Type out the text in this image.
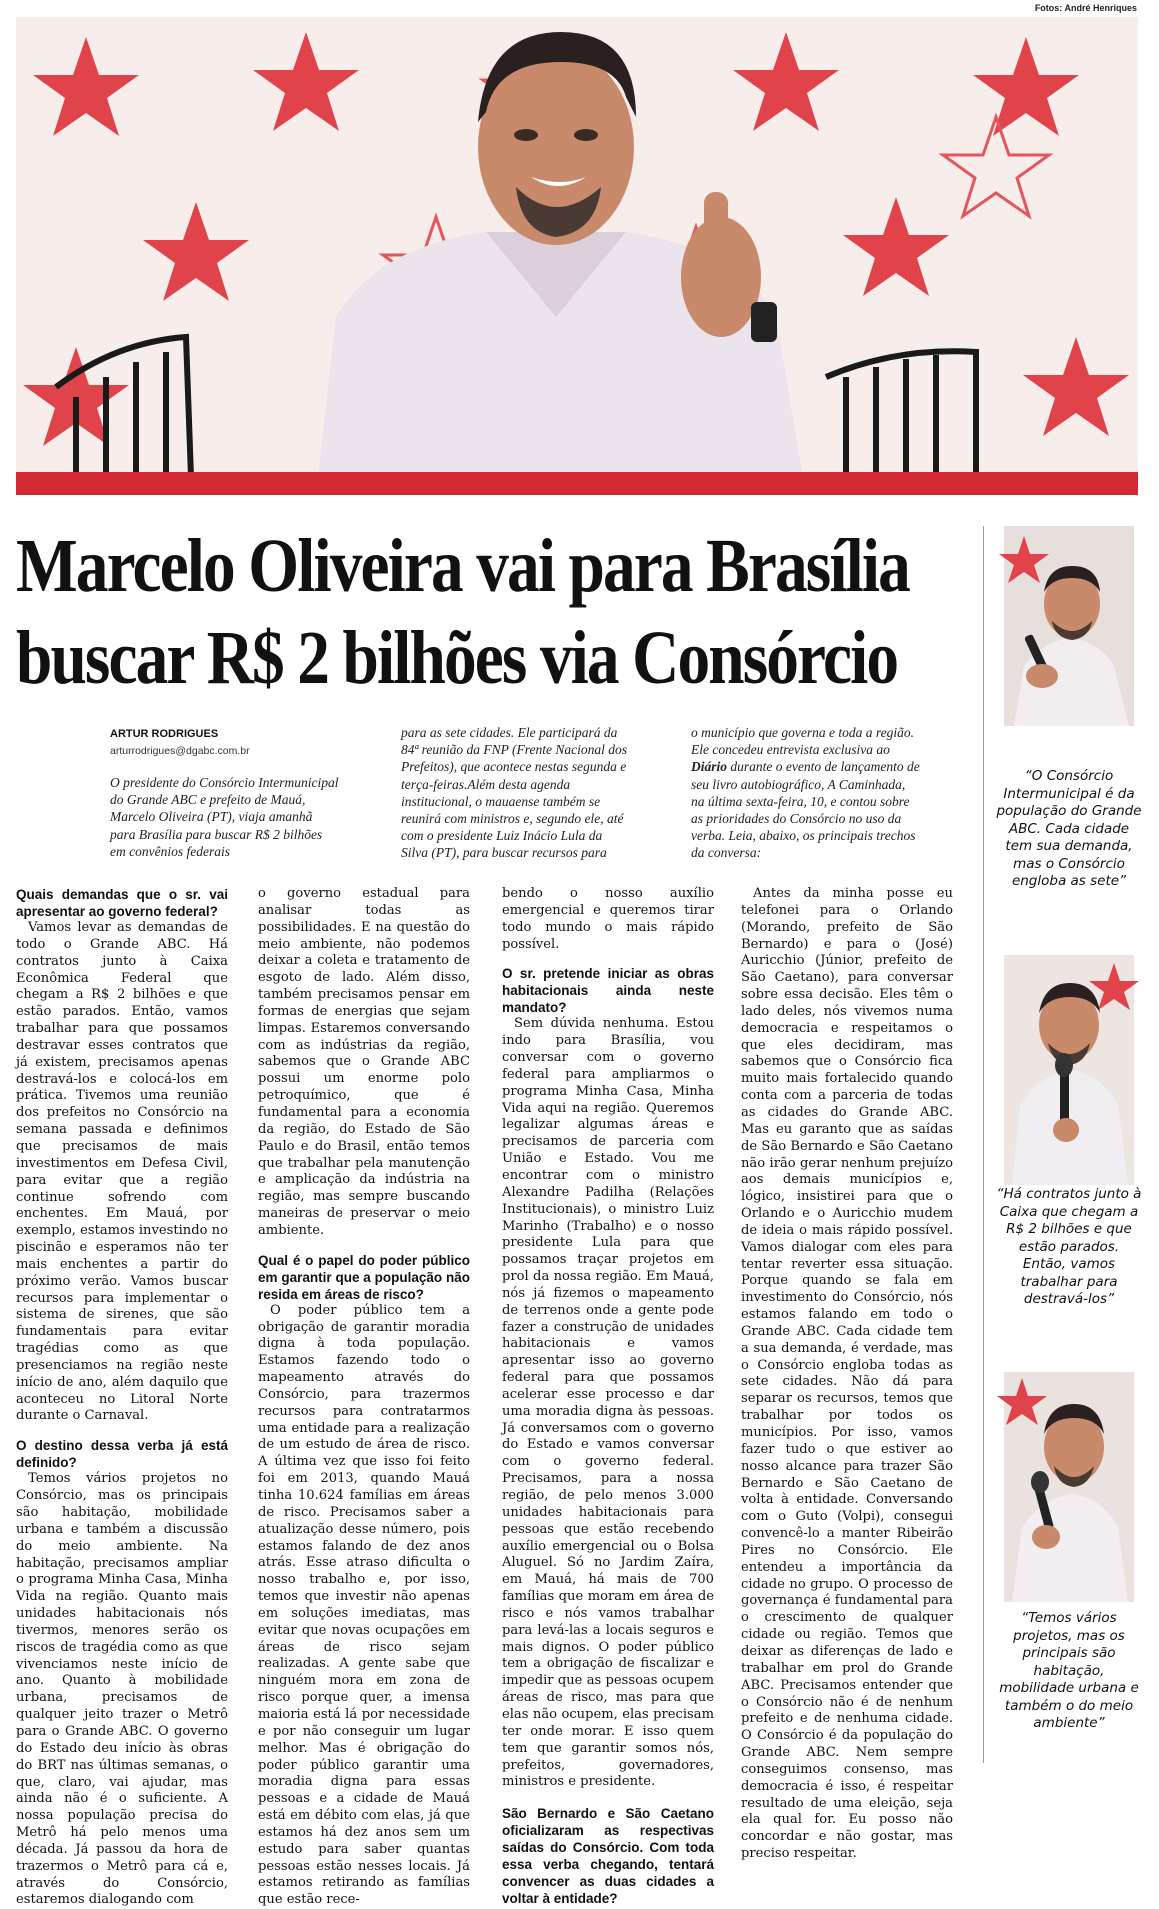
Fotos: André Henriques
Marcelo Oliveira vai para Brasília
buscar R$ 2 bilhões via Consórcio
ARTUR RODRIGUES
arturrodrigues@dgabc.com.br
O presidente do Consórcio Intermunicipal do Grande ABC e prefeito de Mauá, Marcelo Oliveira (PT), viaja amanhã para Brasília para buscar R$ 2 bilhões em convênios federais
para as sete cidades. Ele participará da 84ª reunião da FNP (Frente Nacional dos Prefeitos), que acontece nestas segunda e terça-feiras.Além desta agenda institucional, o mauaense também se reunirá com ministros e, segundo ele, até com o presidente Luiz Inácio Lula da Silva (PT), para buscar recursos para
o município que governa e toda a região. Ele concedeu entrevista exclusiva ao Diário durante o evento de lançamento de seu livro autobiográfico, A Caminhada, na última sexta-feira, 10, e contou sobre as prioridades do Consórcio no uso da verba. Leia, abaixo, os principais trechos da conversa:

Quais demandas que o sr. vai apresentar ao governo federal?

Vamos levar as demandas de todo o Grande ABC. Há contratos junto à Caixa Econômica Federal que chegam a R$ 2 bilhões e que estão parados. Então, vamos trabalhar para que possamos destravar esses contratos que já existem, precisamos apenas destravá-los e colocá-los em prática. Tivemos uma reunião dos prefeitos no Consórcio na semana passada e definimos que precisamos de mais investimentos em Defesa Civil, para evitar que a região continue sofrendo com enchentes. Em Mauá, por exemplo, estamos investindo no piscinão e esperamos não ter mais enchentes a partir do próximo verão. Vamos buscar recursos para implementar o sistema de sirenes, que são fundamentais para evitar tragédias como as que presenciamos na região neste início de ano, além daquilo que aconteceu no Litoral Norte durante o Carnaval.

O destino dessa verba já está definido?

Temos vários projetos no Consórcio, mas os principais são habitação, mobilidade urbana e também a discussão do meio ambiente. Na habitação, precisamos ampliar o programa Minha Casa, Minha Vida na região. Quanto mais unidades habitacionais nós tivermos, menores serão os riscos de tragédia como as que vivenciamos neste início de ano. Quanto à mobilidade urbana, precisamos de qualquer jeito trazer o Metrô para o Grande ABC. O governo do Estado deu início às obras do BRT nas últimas semanas, o que, claro, vai ajudar, mas ainda não é o suficiente. A nossa população precisa do Metrô há pelo menos uma década. Já passou da hora de trazermos o Metrô para cá e, através do Consórcio, estaremos dialogando com

o governo estadual para analisar todas as possibilidades. E na questão do meio ambiente, não podemos deixar a coleta e tratamento de esgoto de lado. Além disso, também precisamos pensar em formas de energias que sejam limpas. Estaremos conversando com as indústrias da região, sabemos que o Grande ABC possui um enorme polo petroquímico, que é fundamental para a economia da região, do Estado de São Paulo e do Brasil, então temos que trabalhar pela manutenção e amplicação da indústria na região, mas sempre buscando maneiras de preservar o meio ambiente.

Qual é o papel do poder público em garantir que a população não resida em áreas de risco?

O poder público tem a obrigação de garantir moradia digna à toda população. Estamos fazendo todo o mapeamento através do Consórcio, para trazermos recursos para contratarmos uma entidade para a realização de um estudo de área de risco. A última vez que isso foi feito foi em 2013, quando Mauá tinha 10.624 famílias em áreas de risco. Precisamos saber a atualização desse número, pois estamos falando de dez anos atrás. Esse atraso dificulta o nosso trabalho e, por isso, temos que investir não apenas em soluções imediatas, mas evitar que novas ocupações em áreas de risco sejam realizadas. A gente sabe que ninguém mora em zona de risco porque quer, a imensa maioria está lá por necessidade e por não conseguir um lugar melhor. Mas é obrigação do poder público garantir uma moradia digna para essas pessoas e a cidade de Mauá está em débito com elas, já que estamos há dez anos sem um estudo para saber quantas pessoas estão nesses locais. Já estamos retirando as famílias que estão rece-

bendo o nosso auxílio emergencial e queremos tirar todo mundo o mais rápido possível.

O sr. pretende iniciar as obras habitacionais ainda neste mandato?

Sem dúvida nenhuma. Estou indo para Brasília, vou conversar com o governo federal para ampliarmos o programa Minha Casa, Minha Vida aqui na região. Queremos legalizar algumas áreas e precisamos de parceria com União e Estado. Vou me encontrar com o ministro Alexandre Padilha (Relações Institucionais), o ministro Luiz Marinho (Trabalho) e o nosso presidente Lula para que possamos traçar projetos em prol da nossa região. Em Mauá, nós já fizemos o mapeamento de terrenos onde a gente pode fazer a construção de unidades habitacionais e vamos apresentar isso ao governo federal para que possamos acelerar esse processo e dar uma moradia digna às pessoas. Já conversamos com o governo do Estado e vamos conversar com o governo federal. Precisamos, para a nossa região, de pelo menos 3.000 unidades habitacionais para pessoas que estão recebendo auxílio emergencial ou o Bolsa Aluguel. Só no Jardim Zaíra, em Mauá, há mais de 700 famílias que moram em área de risco e nós vamos trabalhar para levá-las a locais seguros e mais dignos. O poder público tem a obrigação de fiscalizar e impedir que as pessoas ocupem áreas de risco, mas para que elas não ocupem, elas precisam ter onde morar. E isso quem tem que garantir somos nós, prefeitos, governadores, ministros e presidente.

São Bernardo e São Caetano oficializaram as respectivas saídas do Consórcio. Com toda essa verba chegando, tentará convencer as duas cidades a voltar à entidade?

Antes da minha posse eu telefonei para o Orlando (Morando, prefeito de São Bernardo) e para o (José) Auricchio (Júnior, prefeito de São Caetano), para conversar sobre essa decisão. Eles têm o lado deles, nós vivemos numa democracia e respeitamos o que eles decidiram, mas sabemos que o Consórcio fica muito mais fortalecido quando conta com a parceria de todas as cidades do Grande ABC. Mas eu garanto que as saídas de São Bernardo e São Caetano não irão gerar nenhum prejuízo aos demais municípios e, lógico, insistirei para que o Orlando e o Auricchio mudem de ideia o mais rápido possível. Vamos dialogar com eles para tentar reverter essa situação. Porque quando se fala em investimento do Consórcio, nós estamos falando em todo o Grande ABC. Cada cidade tem a sua demanda, é verdade, mas o Consórcio engloba todas as sete cidades. Não dá para separar os recursos, temos que trabalhar por todos os municípios. Por isso, vamos fazer tudo o que estiver ao nosso alcance para trazer São Bernardo e São Caetano de volta à entidade. Conversando com o Guto (Volpi), consegui convencê-lo a manter Ribeirão Pires no Consórcio. Ele entendeu a importância da cidade no grupo. O processo de governança é fundamental para o crescimento de qualquer cidade ou região. Temos que deixar as diferenças de lado e trabalhar em prol do Grande ABC. Precisamos entender que o Consórcio não é de nenhum prefeito e de nenhuma cidade. O Consórcio é da população do Grande ABC. Nem sempre conseguimos consenso, mas democracia é isso, é respeitar resultado de uma eleição, seja ela qual for. Eu posso não concordar e não gostar, mas preciso respeitar.

“O Consórcio Intermunicipal é da população do Grande ABC. Cada cidade tem sua demanda, mas o Consórcio engloba as sete”
“Há contratos junto à Caixa que chegam a R$ 2 bilhões e que estão parados. Então, vamos trabalhar para destravá-los”
“Temos vários projetos, mas os principais são habitação, mobilidade urbana e também o do meio ambiente”
